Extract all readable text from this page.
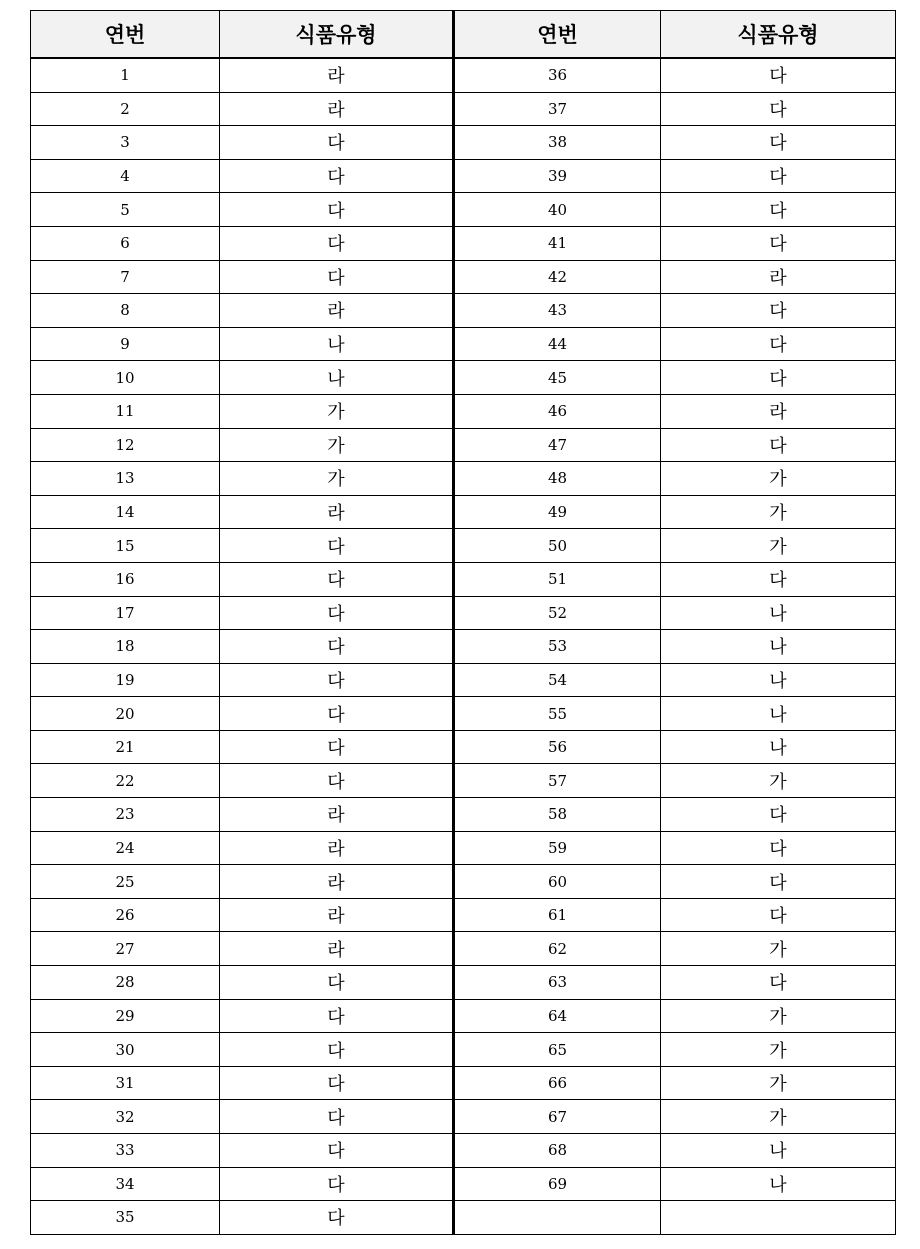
연번	식품유형	연번	식품유형
1	라	36	다
2	라	37	다
3	다	38	다
4	다	39	다
5	다	40	다
6	다	41	다
7	다	42	라
8	라	43	다
9	나	44	다
10	나	45	다
11	가	46	라
12	가	47	다
13	가	48	가
14	라	49	가
15	다	50	가
16	다	51	다
17	다	52	나
18	다	53	나
19	다	54	나
20	다	55	나
21	다	56	나
22	다	57	가
23	라	58	다
24	라	59	다
25	라	60	다
26	라	61	다
27	라	62	가
28	다	63	다
29	다	64	가
30	다	65	가
31	다	66	가
32	다	67	가
33	다	68	나
34	다	69	나
35	다		
